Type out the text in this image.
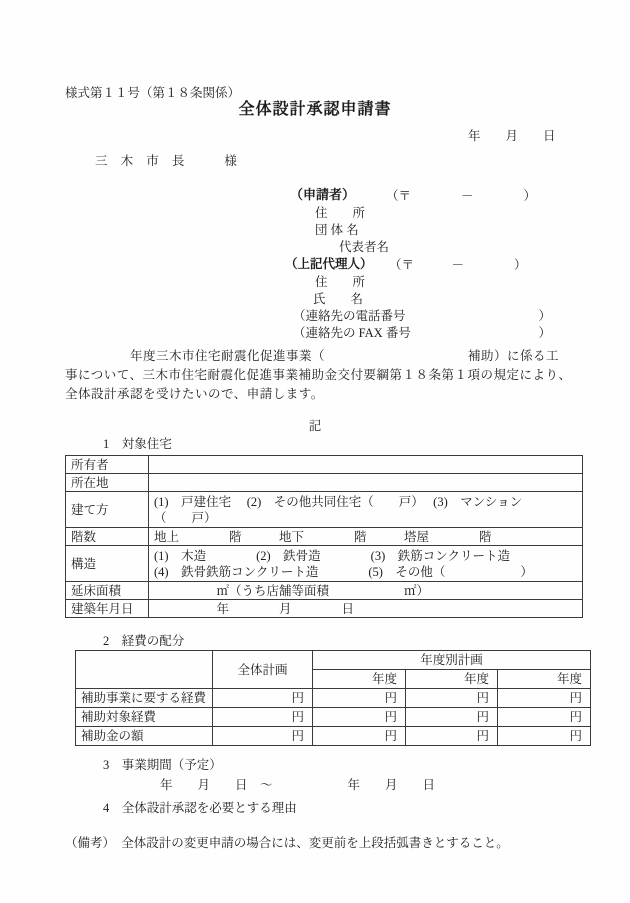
様式第１１号（第１８条関係）
全体設計承認申請書
年　　月　　日
三 木 市 長　　様
（申請者） （〒　　　　－　　　　）
住　　所
団 体 名
代表者名
（上記代理人） （〒　　　－　　　　）
住　　所
氏　　名
（連絡先の電話番号	）
（連絡先の FAX 番号	）
　　　　　年度三木市住宅耐震化促進事業（　　　　　　　　　　　補助）に係る工
事について、三木市住宅耐震化促進事業補助金交付要綱第１８条第１項の規定により、
全体設計承認を受けたいので、申請します。
記
1　対象住宅
所有者	
所在地	
建て方	(1)　戸建住宅　 (2)　その他共同住宅（　　戸）　 (3)　マンション
（　　戸）

階数	地上　　　　階　　　地下　　　　階　　　塔屋　　　　階
構造	(1)　木造　　　　(2)　鉄骨造　　　　(3)　鉄筋コンクリート造
(4)　鉄骨鉄筋コンクリート造　　　　(5)　その他（　　　　　　）

延床面積	　　　　　㎡（うち店舗等面積　　　　　　㎡）
建築年月日	　　　　　年　　　　月　　　　日
2　経費の配分
	全体計画	年度別計画		
		年度	年度	年度
補助事業に要する経費	円	円	円	円
補助対象経費	円	円	円	円
補助金の額	円	円	円	円
3　事業期間（予定）
年　　月　　日　～　　　　　　年　　月　　日
4　全体設計承認を必要とする理由
（備考）　全体設計の変更申請の場合には、変更前を上段括弧書きとすること。
